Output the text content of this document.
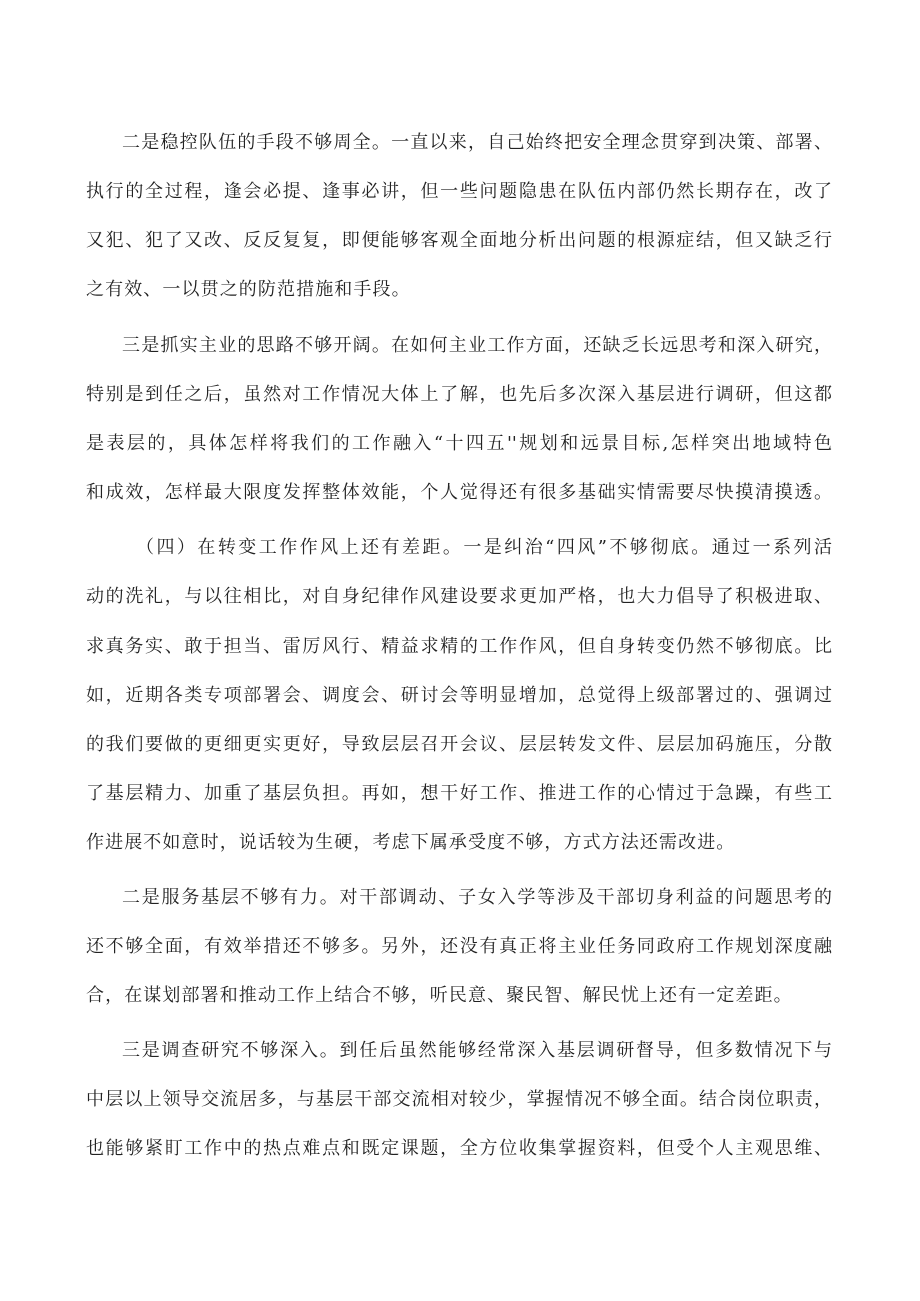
二是稳控队伍的手段不够周全。一直以来，自己始终把安全理念贯穿到决策、部署、

执行的全过程，逢会必提、逢事必讲，但一些问题隐患在队伍内部仍然长期存在，改了

又犯、犯了又改、反反复复，即便能够客观全面地分析出问题的根源症结，但又缺乏行

之有效、一以贯之的防范措施和手段。

三是抓实主业的思路不够开阔。在如何主业工作方面，还缺乏长远思考和深入研究，

特别是到任之后，虽然对工作情况大体上了解，也先后多次深入基层进行调研，但这都

是表层的，具体怎样将我们的工作融入“十四五''规划和远景目标,怎样突出地域特色

和成效，怎样最大限度发挥整体效能，个人觉得还有很多基础实情需要尽快摸清摸透。

（四）在转变工作作风上还有差距。一是纠治“四风”不够彻底。通过一系列活

动的洗礼，与以往相比，对自身纪律作风建设要求更加严格，也大力倡导了积极进取、

求真务实、敢于担当、雷厉风行、精益求精的工作作风，但自身转变仍然不够彻底。比

如，近期各类专项部署会、调度会、研讨会等明显增加，总觉得上级部署过的、强调过

的我们要做的更细更实更好，导致层层召开会议、层层转发文件、层层加码施压，分散

了基层精力、加重了基层负担。再如，想干好工作、推进工作的心情过于急躁，有些工

作进展不如意时，说话较为生硬，考虑下属承受度不够，方式方法还需改进。

二是服务基层不够有力。对干部调动、子女入学等涉及干部切身利益的问题思考的

还不够全面，有效举措还不够多。另外，还没有真正将主业任务同政府工作规划深度融

合，在谋划部署和推动工作上结合不够，听民意、聚民智、解民忧上还有一定差距。

三是调查研究不够深入。到任后虽然能够经常深入基层调研督导，但多数情况下与

中层以上领导交流居多，与基层干部交流相对较少，掌握情况不够全面。结合岗位职责，

也能够紧盯工作中的热点难点和既定课题，全方位收集掌握资料，但受个人主观思维、
